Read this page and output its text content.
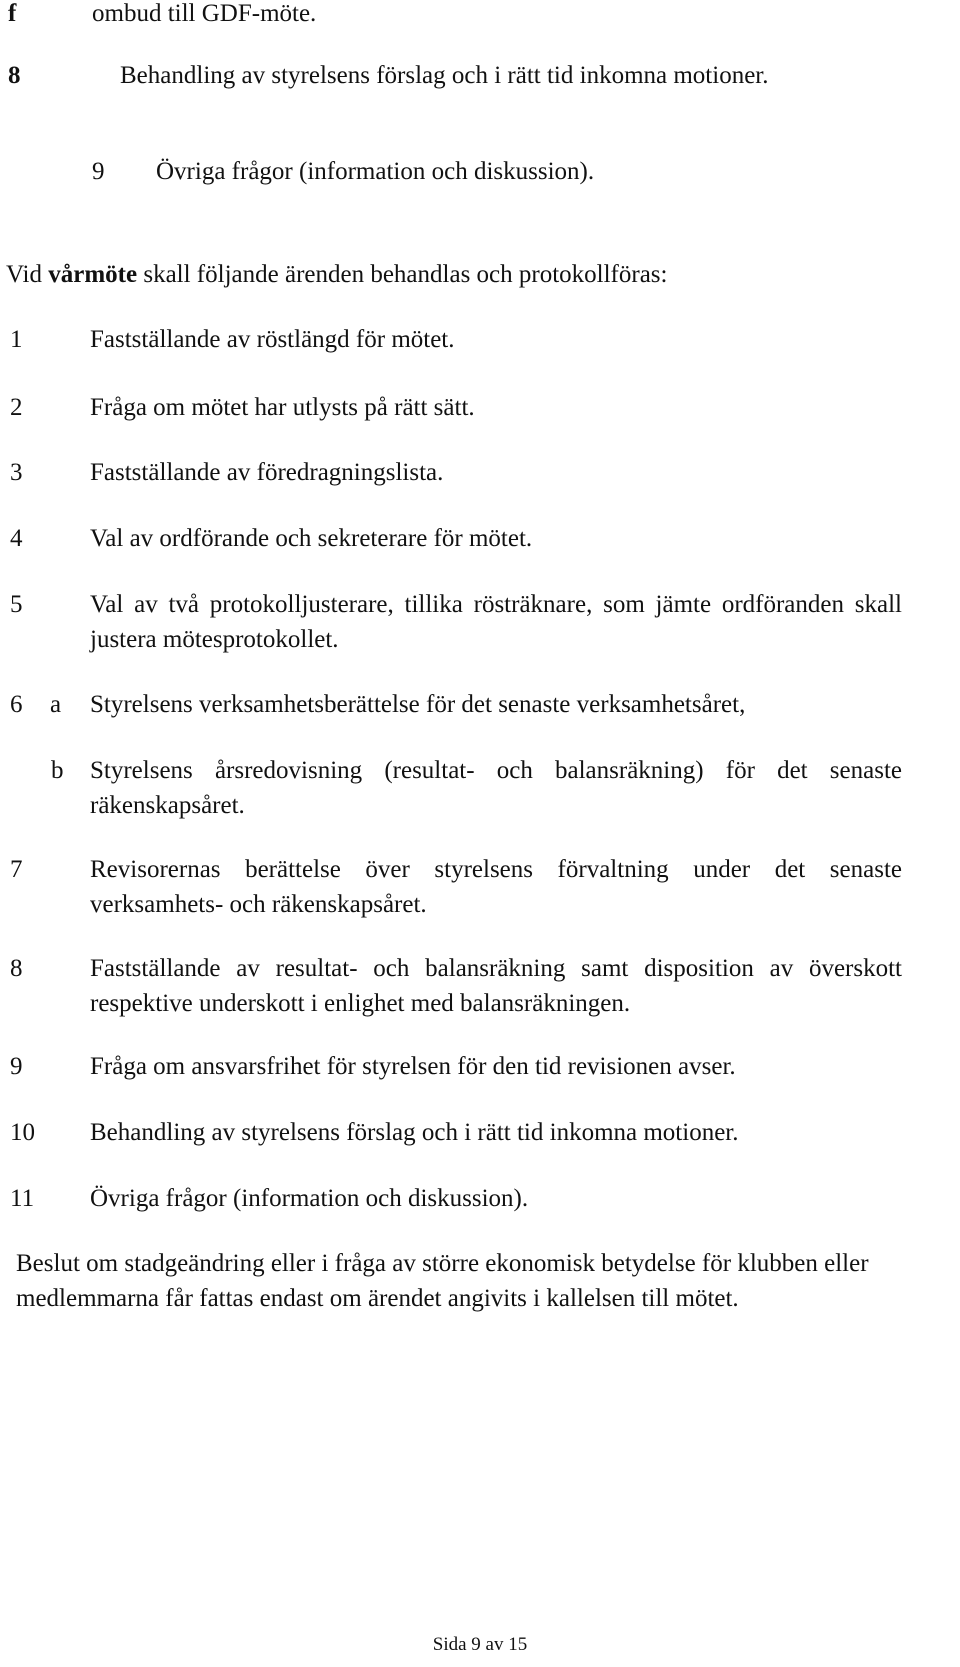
f	ombud till GDF-möte.
8	Behandling av styrelsens förslag och i rätt tid inkomna motioner.
9 Övriga frågor (information och diskussion).
Vid vårmöte skall följande ärenden behandlas och protokollföras:
1	Fastställande av röstlängd för mötet.
2	Fråga om mötet har utlysts på rätt sätt.
3	Fastställande av föredragningslista.
4	Val av ordförande och sekreterare för mötet.
5	Val av två protokolljusterare, tillika rösträknare, som jämte ordföranden skall justera mötesprotokollet.
6 a Styrelsens verksamhetsberättelse för det senaste verksamhetsåret,
b Styrelsens årsredovisning (resultat- och balansräkning) för det senaste räkenskapsåret.
7	Revisorernas berättelse över styrelsens förvaltning under det senaste verksamhets- och räkenskapsåret.
8	Fastställande av resultat- och balansräkning samt disposition av överskott respektive underskott i enlighet med balansräkningen.
9	Fråga om ansvarsfrihet för styrelsen för den tid revisionen avser.
10 Behandling av styrelsens förslag och i rätt tid inkomna motioner.
11 Övriga frågor (information och diskussion).
Beslut om stadgeändring eller i fråga av större ekonomisk betydelse för klubben eller medlemmarna får fattas endast om ärendet angivits i kallelsen till mötet.
Sida 9 av 15
